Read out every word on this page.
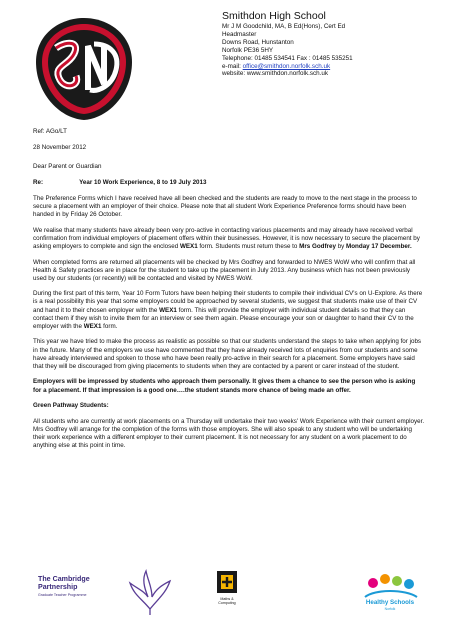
Smithdon High School
Mr J M Goodchild, MA, B Ed(Hons), Cert Ed
Headmaster
Downs Road, Hunstanton
Norfolk PE36 5HY
Telephone: 01485 534541 Fax : 01485 535251
e-mail: office@smithdon.norfolk.sch.uk
website: www.smithdon.norfolk.sch.uk

Ref: AGo/LT

28 November 2012

Dear Parent or Guardian

Re:	Year 10 Work Experience, 8 to 19 July 2013

The Preference Forms which I have received have all been checked and the students are ready to move to the next stage in the process to secure a placement with an employer of their choice. Please note that all student Work Experience Preference forms should have been handed in by Friday 26 October.

We realise that many students have already been very pro-active in contacting various placements and may already have received verbal confirmation from individual employers of placement offers within their businesses. However, it is now necessary to secure the placement by asking employers to complete and sign the enclosed WEX1 form. Students must return these to Mrs Godfrey by Monday 17 December.

When completed forms are returned all placements will be checked by Mrs Godfrey and forwarded to NWES WoW who will confirm that all Health & Safety practices are in place for the student to take up the placement in July 2013. Any business which has not been previously used by our students (or recently) will be contacted and visited by NWES WoW.

During the first part of this term, Year 10 Form Tutors have been helping their students to compile their individual CV's on U-Explore. As there is a real possibility this year that some employers could be approached by several students, we suggest that students make use of their CV and hand it to their chosen employer with the WEX1 form. This will provide the employer with individual student details so that they can contact them if they wish to invite them for an interview or see them again. Please encourage your son or daughter to hand their CV to the employer with the WEX1 form.

This year we have tried to make the process as realistic as possible so that our students understand the steps to take when applying for jobs in the future. Many of the employers we use have commented that they have already received lots of enquiries from our students and some have already interviewed and spoken to those who have been really pro-active in their search for a placement. Some employers have said that they will be discouraged from giving placements to students when they are contacted by a parent or carer instead of the student.

Employers will be impressed by students who approach them personally. It gives them a chance to see the person who is asking for a placement. If that impression is a good one….the student stands more chance of being made an offer.

Green Pathway Students:

All students who are currently at work placements on a Thursday will undertake their two weeks' Work Experience with their current employer. Mrs Godfrey will arrange for the completion of the forms with those employers. She will also speak to any student who will be undertaking their work experience with a different employer to their current placement. It is not necessary for any student on a work placement to do anything else at this point in time.

The Cambridge
Partnership
Graduate Teacher Programme
Maths &
Computing	Healthy Schools
Norfolk
